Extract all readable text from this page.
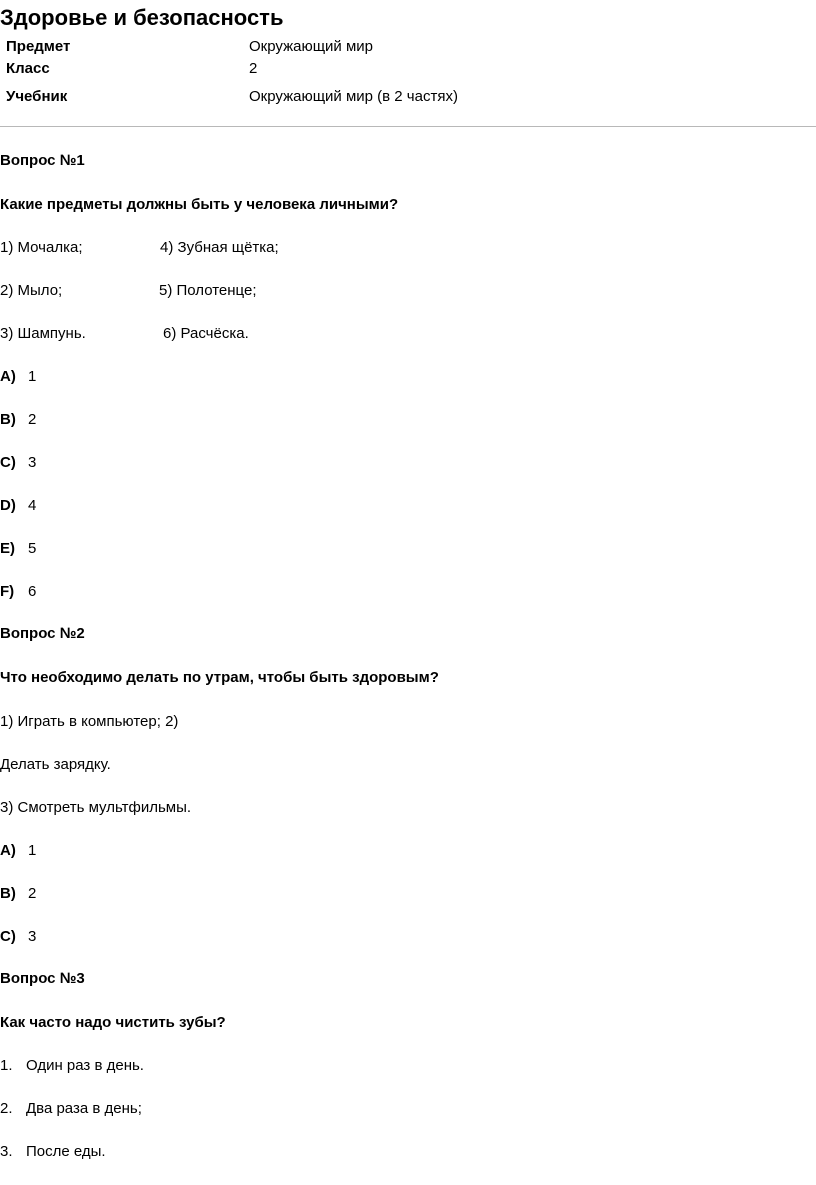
Здоровье и безопасность
Предмет	Окружающий мир
Класс	2
Учебник	Окружающий мир (в 2 частях)
Вопрос №1
Какие предметы должны быть у человека личными?
1) Мочалка;	4) Зубная щётка;
2) Мыло;	5) Полотенце;
3) Шампунь.	6) Расчёска.
A) 1
B) 2
C) 3
D) 4
E) 5
F) 6
Вопрос №2
Что необходимо делать по утрам, чтобы быть здоровым?
1) Играть в компьютер; 2)
Делать зарядку.
3) Смотреть мультфильмы.
A) 1
B) 2
C) 3
Вопрос №3
Как часто надо чистить зубы?
1. Один раз в день.
2. Два раза в день;
3. После еды.
